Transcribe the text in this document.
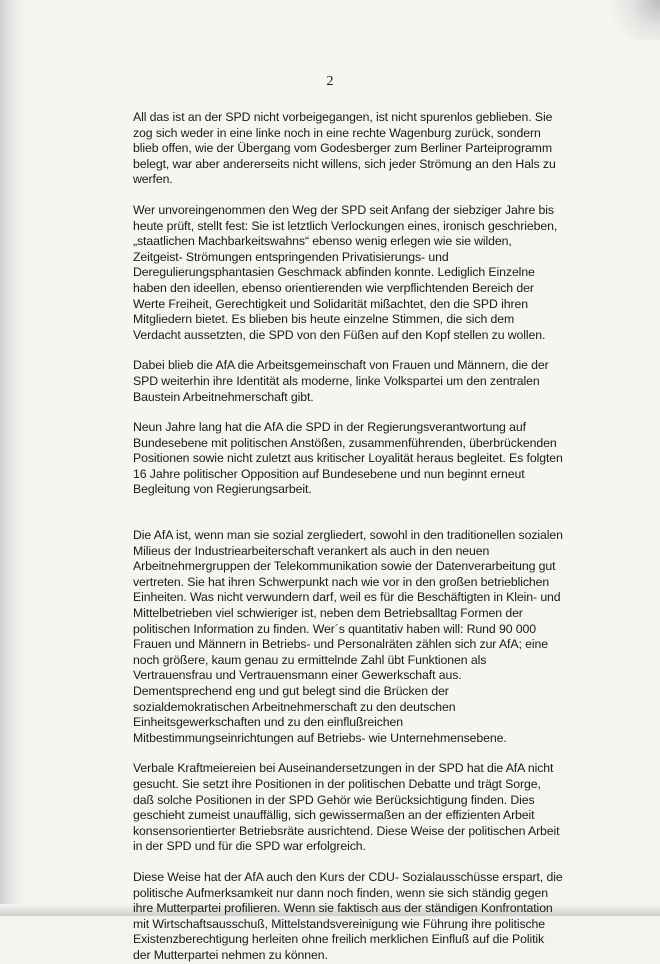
2

All das ist an der SPD nicht vorbeigegangen, ist nicht spurenlos geblieben. Sie zog sich weder in eine linke noch in eine rechte Wagenburg zurück, sondern blieb offen, wie der Übergang vom Godesberger zum Berliner Parteiprogramm belegt, war aber andererseits nicht willens, sich jeder Strömung an den Hals zu werfen.

Wer unvoreingenommen den Weg der SPD seit Anfang der siebziger Jahre bis heute prüft, stellt fest: Sie ist letztlich Verlockungen eines, ironisch geschrieben, „staatlichen Machbarkeitswahns“ ebenso wenig erlegen wie sie wilden, Zeitgeist- Strömungen entspringenden Privatisierungs- und Deregulierungsphantasien Geschmack abfinden konnte. Lediglich Einzelne haben den ideellen, ebenso orientierenden wie verpflichtenden Bereich der Werte Freiheit, Gerechtigkeit und Solidarität mißachtet, den die SPD ihren Mitgliedern bietet. Es blieben bis heute einzelne Stimmen, die sich dem Verdacht aussetzten, die SPD von den Füßen auf den Kopf stellen zu wollen.

Dabei blieb die AfA die Arbeitsgemeinschaft von Frauen und Männern, die der SPD weiterhin ihre Identität als moderne, linke Volkspartei um den zentralen Baustein Arbeitnehmerschaft gibt.

Neun Jahre lang hat die AfA die SPD in der Regierungsverantwortung auf Bundesebene mit politischen Anstößen, zusammenführenden, überbrückenden Positionen sowie nicht zuletzt aus kritischer Loyalität heraus begleitet. Es folgten 16 Jahre politischer Opposition auf Bundesebene und nun beginnt erneut Begleitung von Regierungsarbeit.

Die AfA ist, wenn man sie sozial zergliedert, sowohl in den traditionellen sozialen Milieus der Industriearbeiterschaft verankert als auch in den neuen Arbeitnehmergruppen der Telekommunikation sowie der Datenverarbeitung gut vertreten. Sie hat ihren Schwerpunkt nach wie vor in den großen betrieblichen Einheiten. Was nicht verwundern darf, weil es für die Beschäftigten in Klein- und Mittelbetrieben viel schwieriger ist, neben dem Betriebsalltag Formen der politischen Information zu finden. Wer´s quantitativ haben will: Rund 90 000 Frauen und Männern in Betriebs- und Personalräten zählen sich zur AfA; eine noch größere, kaum genau zu ermittelnde Zahl übt Funktionen als Vertrauensfrau und Vertrauensmann einer Gewerkschaft aus. Dementsprechend eng und gut belegt sind die Brücken der sozialdemokratischen Arbeitnehmerschaft zu den deutschen Einheitsgewerkschaften und zu den einflußreichen Mitbestimmungseinrichtungen auf Betriebs- wie Unternehmensebene.

Verbale Kraftmeiereien bei Auseinandersetzungen in der SPD hat die AfA nicht gesucht. Sie setzt ihre Positionen in der politischen Debatte und trägt Sorge, daß solche Positionen in der SPD Gehör wie Berücksichtigung finden. Dies geschieht zumeist unauffällig, sich gewissermaßen an der effizienten Arbeit konsensorientierter Betriebsräte ausrichtend. Diese Weise der politischen Arbeit in der SPD und für die SPD war erfolgreich.

Diese Weise hat der AfA auch den Kurs der CDU- Sozialausschüsse erspart, die politische Aufmerksamkeit nur dann noch finden, wenn sie sich ständig gegen ihre Mutterpartei profilieren. Wenn sie faktisch aus der ständigen Konfrontation mit Wirtschaftsausschuß, Mittelstandsvereinigung wie Führung ihre politische Existenzberechtigung herleiten ohne freilich merklichen Einfluß auf die Politik der Mutterpartei nehmen zu können.
